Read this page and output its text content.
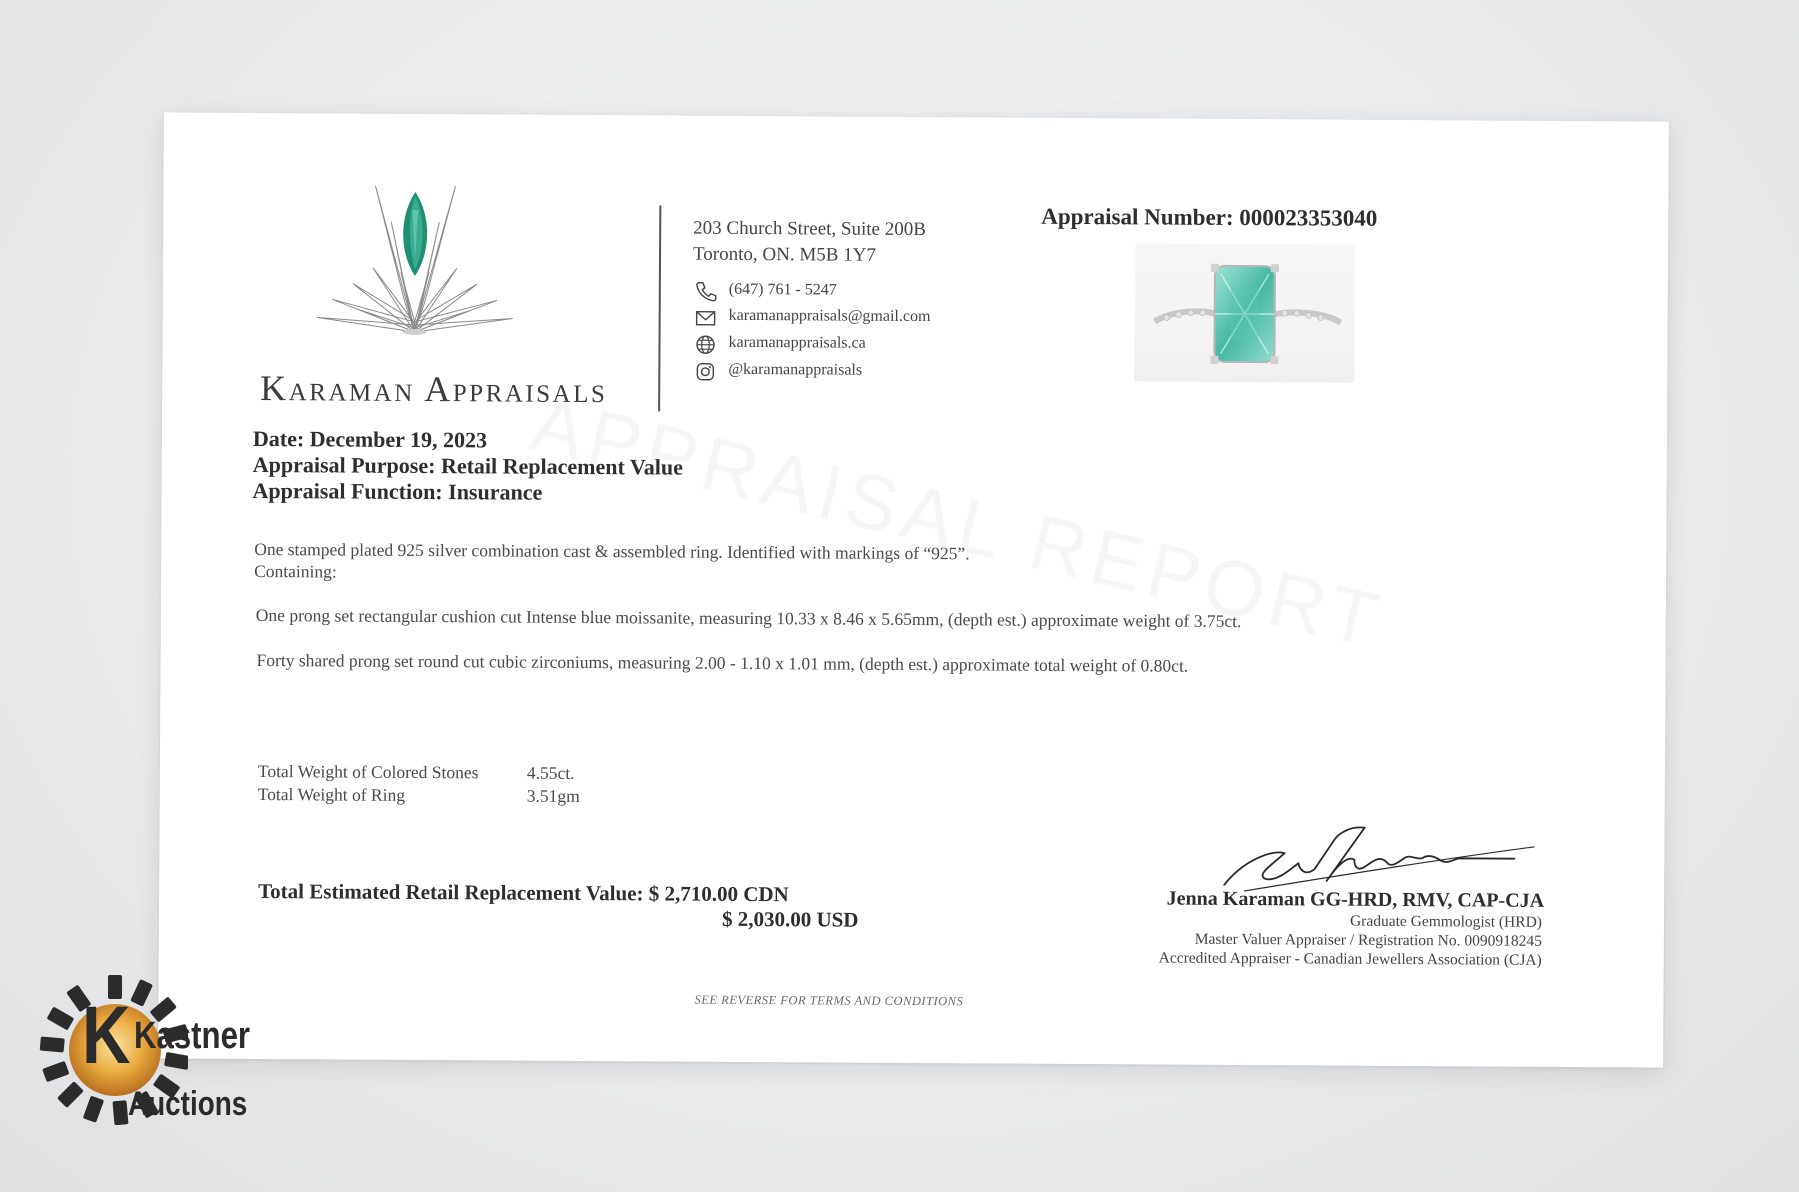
Karaman Appraisals
203 Church Street, Suite 200B
Toronto, ON. M5B 1Y7
(647) 761 - 5247
karamanappraisals@gmail.com
karamanappraisals.ca
@karamanappraisals
Appraisal Number: 000023353040
Date: December 19, 2023
Appraisal Purpose: Retail Replacement Value
Appraisal Function: Insurance
One stamped plated 925 silver combination cast & assembled ring. Identified with markings of “925”.
Containing:
One prong set rectangular cushion cut Intense blue moissanite, measuring 10.33 x 8.46 x 5.65mm, (depth est.) approximate weight of 3.75ct.
Forty shared prong set round cut cubic zirconiums, measuring 2.00 - 1.10 x 1.01 mm, (depth est.) approximate total weight of 0.80ct.
Total Weight of Colored Stones	4.55ct.
Total Weight of Ring	3.51gm
Total Estimated Retail Replacement Value: $ 2,710.00 CDN
$ 2,030.00 USD
Jenna Karaman GG-HRD, RMV, CAP-CJA
Graduate Gemmologist (HRD)
Master Valuer Appraiser / Registration No. 0090918245
Accredited Appraiser - Canadian Jewellers Association (CJA)
SEE REVERSE FOR TERMS AND CONDITIONS
K Kastner
Auctions
